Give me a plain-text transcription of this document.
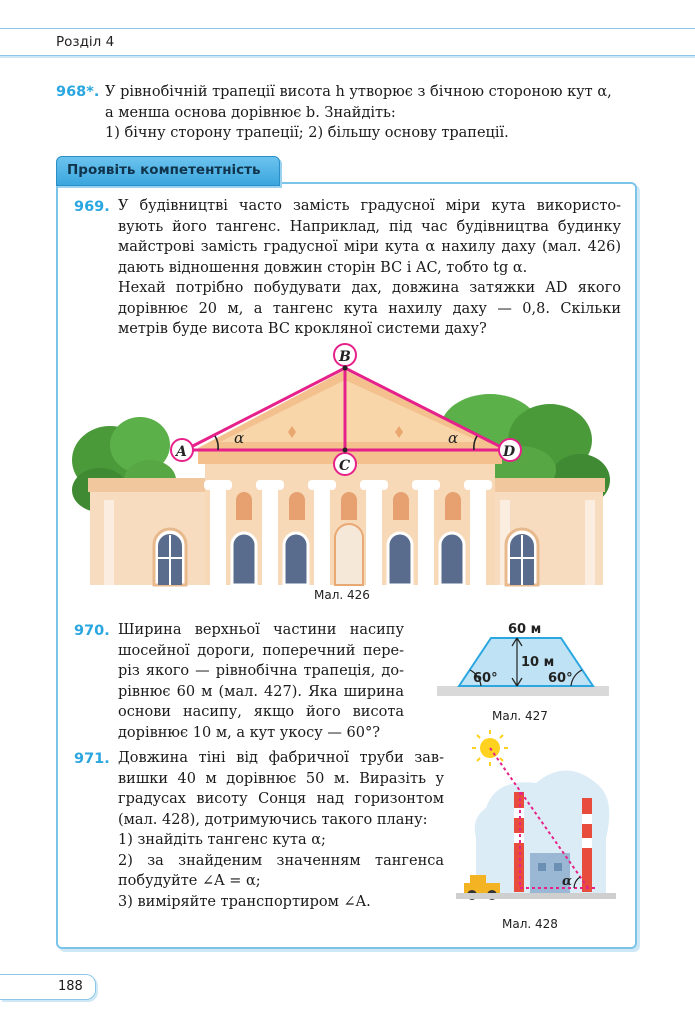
Розділ 4
968*. У рівнобічній трапеції висота h утворює з бічною стороною кут α,
а менша основа дорівнює b. Знайдіть:
1) бічну сторону трапеції; 2) більшу основу трапеції.
Проявіть компетентність
969. У будівництві часто замість градусної міри кута використо-
вують його тангенс. Наприклад, під час будівництва будинку
майстрові замість градусної міри кута α нахилу даху (мал. 426)
дають відношення довжин сторін BC і AC, тобто tg α.
Нехай потрібно побудувати дах, довжина затяжки AD якого
дорівнює 20 м, а тангенс кута нахилу даху — 0,8. Скільки
метрів буде висота BC крокляної системи даху?
α	α
A
B
C
D
Мал. 426
970. Ширина верхньої частини насипу
шосейної дороги, поперечний пере-
різ якого — рівнобічна трапеція, до-
рівнює 60 м (мал. 427). Яка ширина
основи насипу, якщо його висота
дорівнює 10 м, а кут укосу — 60°?
60 м
10 м
60°	60°
Мал. 427
971. Довжина тіні від фабричної труби зав-
вишки 40 м дорівнює 50 м. Виразіть у
градусах висоту Сонця над горизонтом
(мал. 428), дотримуючись такого плану:
1) знайдіть тангенс кута α;
2) за знайденим значенням тангенса
побудуйте ∠A = α;
3) виміряйте транспортиром ∠A.
α
Мал. 428
188
